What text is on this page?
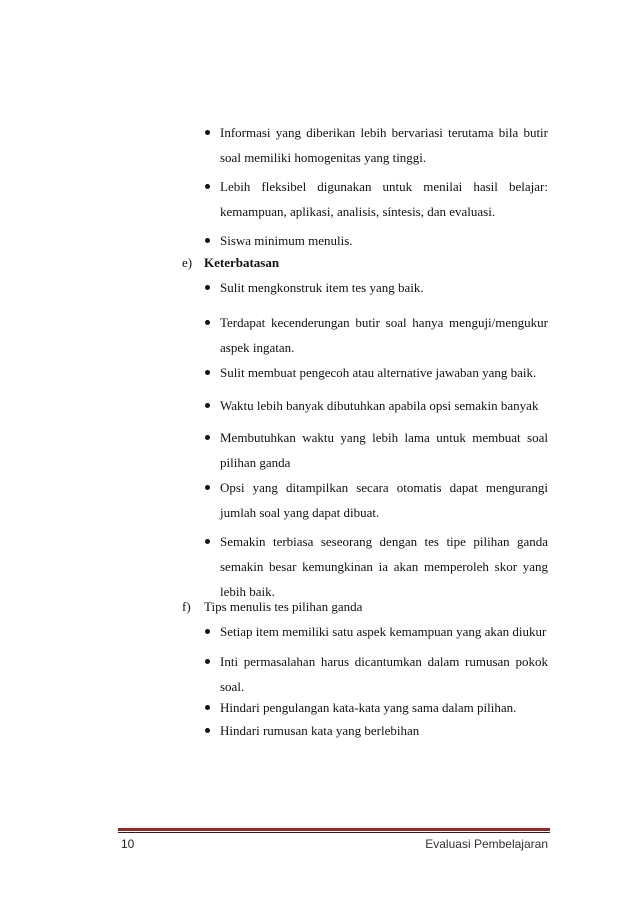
Informasi yang diberikan lebih bervariasi terutama bila butir soal memiliki homogenitas yang tinggi.
Lebih fleksibel digunakan untuk menilai hasil belajar: kemampuan, aplikasi, analisis, síntesis, dan evaluasi.
Siswa minimum menulis.
e) Keterbatasan
Sulit mengkonstruk item tes yang baik.
Terdapat kecenderungan butir soal hanya menguji/mengukur aspek ingatan.
Sulit membuat pengecoh atau alternative jawaban yang baik.
Waktu lebih banyak dibutuhkan apabila opsi semakin banyak
Membutuhkan waktu yang lebih lama untuk membuat soal pilihan ganda
Opsi yang ditampilkan secara otomatis dapat mengurangi jumlah soal yang dapat dibuat.
Semakin terbiasa seseorang dengan tes tipe pilihan ganda semakin besar kemungkinan ia akan memperoleh skor yang lebih baik.
f) Tips menulis tes pilihan ganda
Setiap item memiliki satu aspek kemampuan yang akan diukur
Inti permasalahan harus dicantumkan dalam rumusan pokok soal.
Hindari pengulangan kata-kata yang sama dalam pilihan.
Hindari rumusan kata yang berlebihan
10	Evaluasi Pembelajaran
